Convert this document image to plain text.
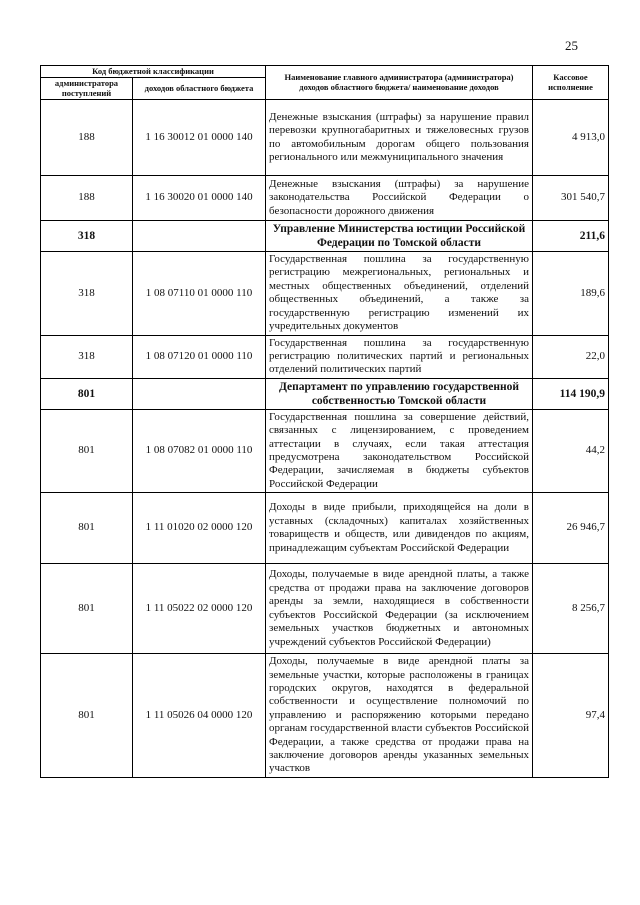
25
Код бюджетной классификации		Наименование главного администратора (администратора) доходов областного бюджета/ наименование доходов	Кассовое исполнение
администратора поступлений	доходов областного бюджета		
188	1 16 30012 01 0000 140	Денежные взыскания (штрафы) за нарушение правил перевозки крупногабаритных и тяжеловесных грузов по автомобильным дорогам общего пользования регионального или межмуниципального значения	4 913,0
188	1 16 30020 01 0000 140	Денежные взыскания (штрафы) за нарушение законодательства Российской Федерации о безопасности дорожного движения	301 540,7
318		Управление Министерства юстиции Российской Федерации по Томской области	211,6
318	1 08 07110 01 0000 110	Государственная пошлина за государственную регистрацию межрегиональных, региональных и местных общественных объединений, отделений общественных объединений, а также за государственную регистрацию изменений их учредительных документов	189,6
318	1 08 07120 01 0000 110	Государственная пошлина за государственную регистрацию политических партий и региональных отделений политических партий	22,0
801		Департамент по управлению государственной собственностью Томской области	114 190,9
801	1 08 07082 01 0000 110	Государственная пошлина за совершение действий, связанных с лицензированием, с проведением аттестации в случаях, если такая аттестация предусмотрена законодательством Российской Федерации, зачисляемая в бюджеты субъектов Российской Федерации	44,2
801	1 11 01020 02 0000 120	Доходы в виде прибыли, приходящейся на доли в уставных (складочных) капиталах хозяйственных товариществ и обществ, или дивидендов по акциям, принадлежащим субъектам Российской Федерации	26 946,7
801	1 11 05022 02 0000 120	Доходы, получаемые в виде арендной платы, а также средства от продажи права на заключение договоров аренды за земли, находящиеся в собственности субъектов Российской Федерации (за исключением земельных участков бюджетных и автономных учреждений субъектов Российской Федерации)	8 256,7
801	1 11 05026 04 0000 120	Доходы, получаемые в виде арендной платы за земельные участки, которые расположены в границах городских округов, находятся в федеральной собственности и осуществление полномочий по управлению и распоряжению которыми передано органам государственной власти субъектов Российской Федерации, а также средства от продажи права на заключение договоров аренды указанных земельных участков	97,4
